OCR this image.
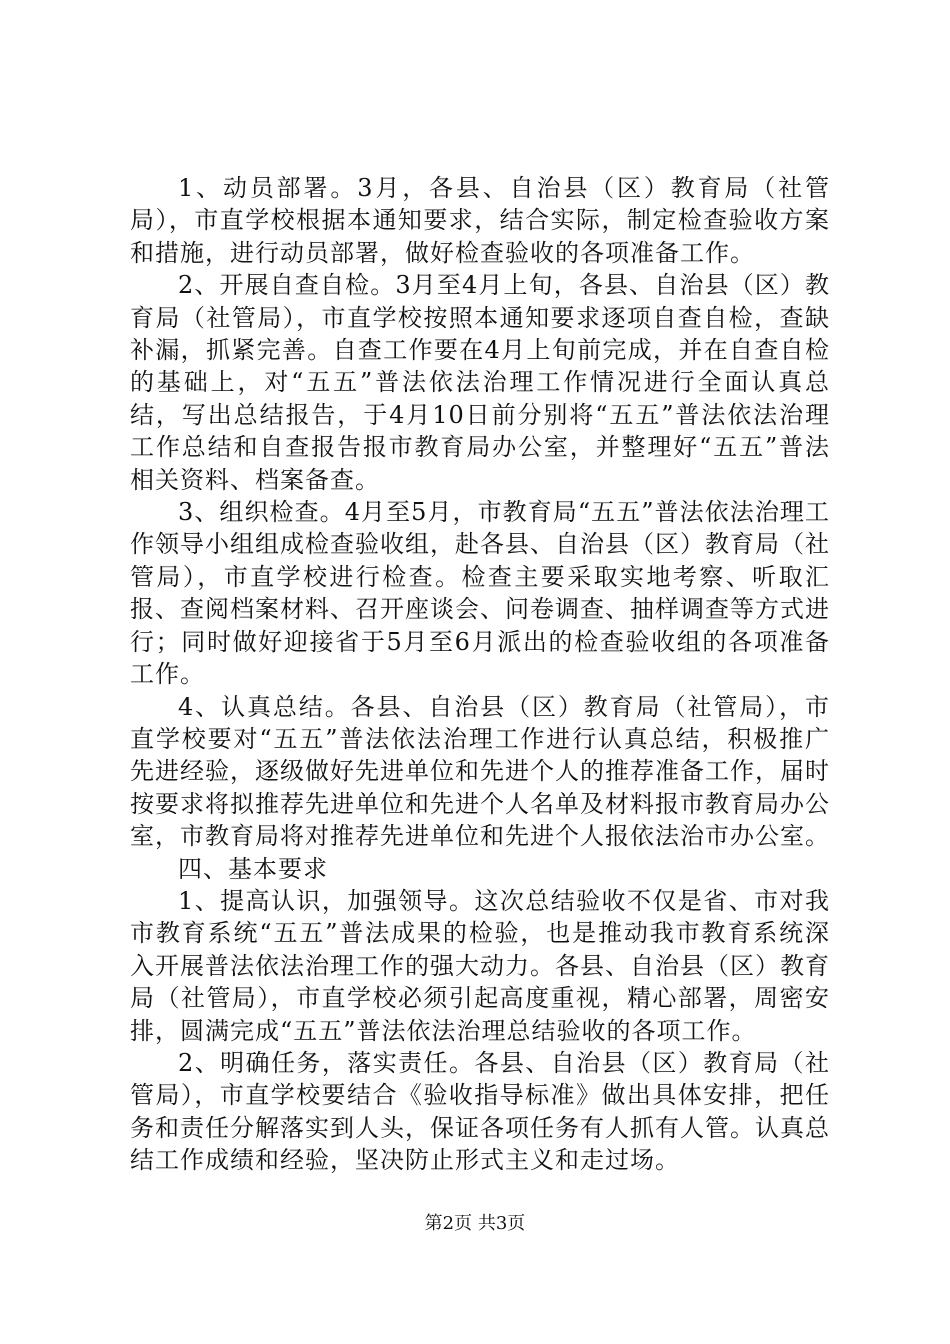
1、动员部署。3月，各县、自治县（区）教育局（社管局），市直学校根据本通知要求，结合实际，制定检查验收方案和措施，进行动员部署，做好检查验收的各项准备工作。

2、开展自查自检。3月至4月上旬，各县、自治县（区）教育局（社管局），市直学校按照本通知要求逐项自查自检，查缺补漏，抓紧完善。自查工作要在4月上旬前完成，并在自查自检的基础上，对“五五”普法依法治理工作情况进行全面认真总结，写出总结报告，于4月10日前分别将“五五”普法依法治理工作总结和自查报告报市教育局办公室，并整理好“五五”普法相关资料、档案备查。

3、组织检查。4月至5月，市教育局“五五”普法依法治理工作领导小组组成检查验收组，赴各县、自治县（区）教育局（社管局），市直学校进行检查。检查主要采取实地考察、听取汇报、查阅档案材料、召开座谈会、问卷调查、抽样调查等方式进行；同时做好迎接省于5月至6月派出的检查验收组的各项准备工作。

4、认真总结。各县、自治县（区）教育局（社管局），市直学校要对“五五”普法依法治理工作进行认真总结，积极推广先进经验，逐级做好先进单位和先进个人的推荐准备工作，届时按要求将拟推荐先进单位和先进个人名单及材料报市教育局办公室，市教育局将对推荐先进单位和先进个人报依法治市办公室。

四、基本要求

1、提高认识，加强领导。这次总结验收不仅是省、市对我市教育系统“五五”普法成果的检验，也是推动我市教育系统深入开展普法依法治理工作的强大动力。各县、自治县（区）教育局（社管局），市直学校必须引起高度重视，精心部署，周密安排，圆满完成“五五”普法依法治理总结验收的各项工作。

2、明确任务，落实责任。各县、自治县（区）教育局（社管局），市直学校要结合《验收指导标准》做出具体安排，把任务和责任分解落实到人头，保证各项任务有人抓有人管。认真总结工作成绩和经验，坚决防止形式主义和走过场。

第2页 共3页
